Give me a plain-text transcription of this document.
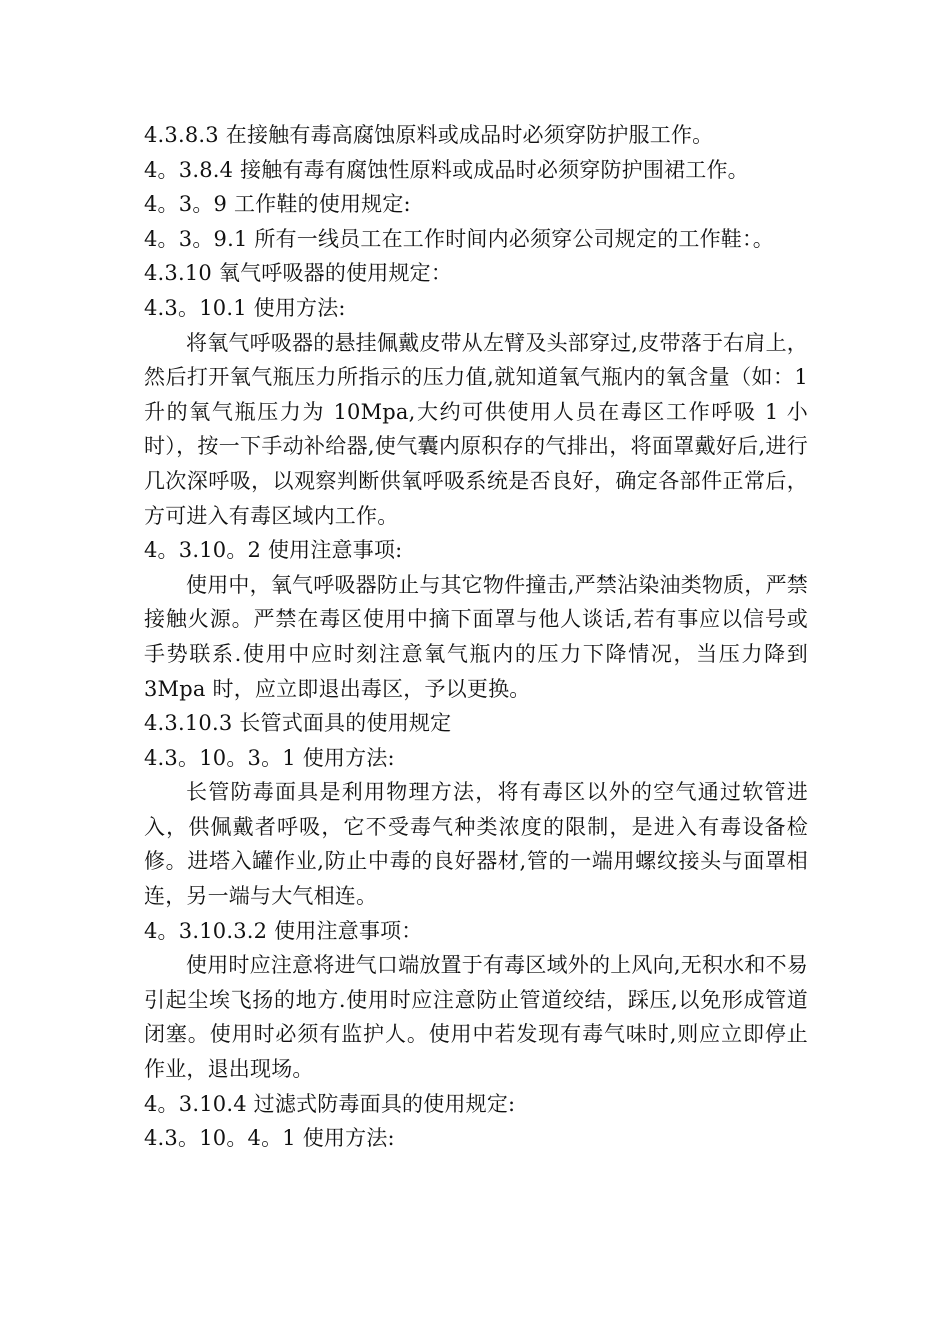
4.3.8.3 在接触有毒高腐蚀原料或成品时必须穿防护服工作。
4。3.8.4 接触有毒有腐蚀性原料或成品时必须穿防护围裙工作。
4。3。9 工作鞋的使用规定:
4。3。9.1 所有一线员工在工作时间内必须穿公司规定的工作鞋：。
4.3.10 氧气呼吸器的使用规定：
4.3。10.1 使用方法:
将氧气呼吸器的悬挂佩戴皮带从左臂及头部穿过,皮带落于右肩上，然后打开氧气瓶压力所指示的压力值,就知道氧气瓶内的氧含量（如：1 升的氧气瓶压力为 10Mpa,大约可供使用人员在毒区工作呼吸 1 小时），按一下手动补给器,使气囊内原积存的气排出，将面罩戴好后,进行几次深呼吸，以观察判断供氧呼吸系统是否良好，确定各部件正常后，方可进入有毒区域内工作。
4。3.10。2 使用注意事项:
使用中，氧气呼吸器防止与其它物件撞击,严禁沾染油类物质，严禁接触火源。严禁在毒区使用中摘下面罩与他人谈话,若有事应以信号或手势联系.使用中应时刻注意氧气瓶内的压力下降情况，当压力降到 3Mpa 时，应立即退出毒区，予以更换。
4.3.10.3 长管式面具的使用规定
4.3。10。3。1 使用方法:
长管防毒面具是利用物理方法，将有毒区以外的空气通过软管进入，供佩戴者呼吸，它不受毒气种类浓度的限制，是进入有毒设备检修。进塔入罐作业,防止中毒的良好器材,管的一端用螺纹接头与面罩相连，另一端与大气相连。
4。3.10.3.2 使用注意事项：
使用时应注意将进气口端放置于有毒区域外的上风向,无积水和不易引起尘埃飞扬的地方.使用时应注意防止管道绞结，踩压,以免形成管道闭塞。使用时必须有监护人。使用中若发现有毒气味时,则应立即停止作业，退出现场。
4。3.10.4 过滤式防毒面具的使用规定:
4.3。10。4。1 使用方法:
